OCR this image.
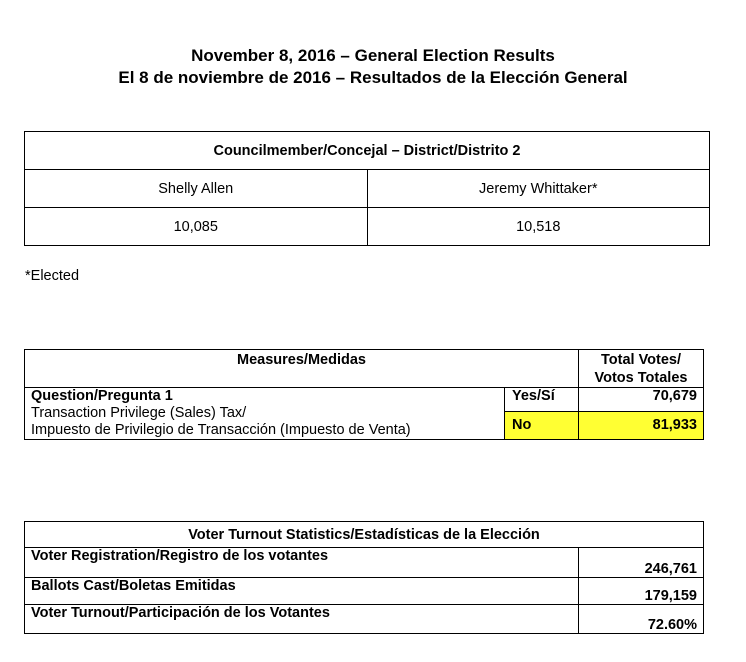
November 8, 2016 – General Election Results
El 8 de noviembre de 2016 – Resultados de la Elección General
Councilmember/Concejal – District/Distrito 2	
Shelly Allen	Jeremy Whittaker*
10,085	10,518
*Elected
Measures/Medidas		Total Votes/
Votos Totales

Question/Pregunta 1
Transaction Privilege (Sales) Tax/
Impuesto de Privilegio de Transacción (Impuesto de Venta)	Yes/Sí	70,679
	No	81,933
Voter Turnout Statistics/Estadísticas de la Elección	
Voter Registration/Registro de los votantes	246,761
Ballots Cast/Boletas Emitidas	179,159
Voter Turnout/Participación de los Votantes	72.60%
